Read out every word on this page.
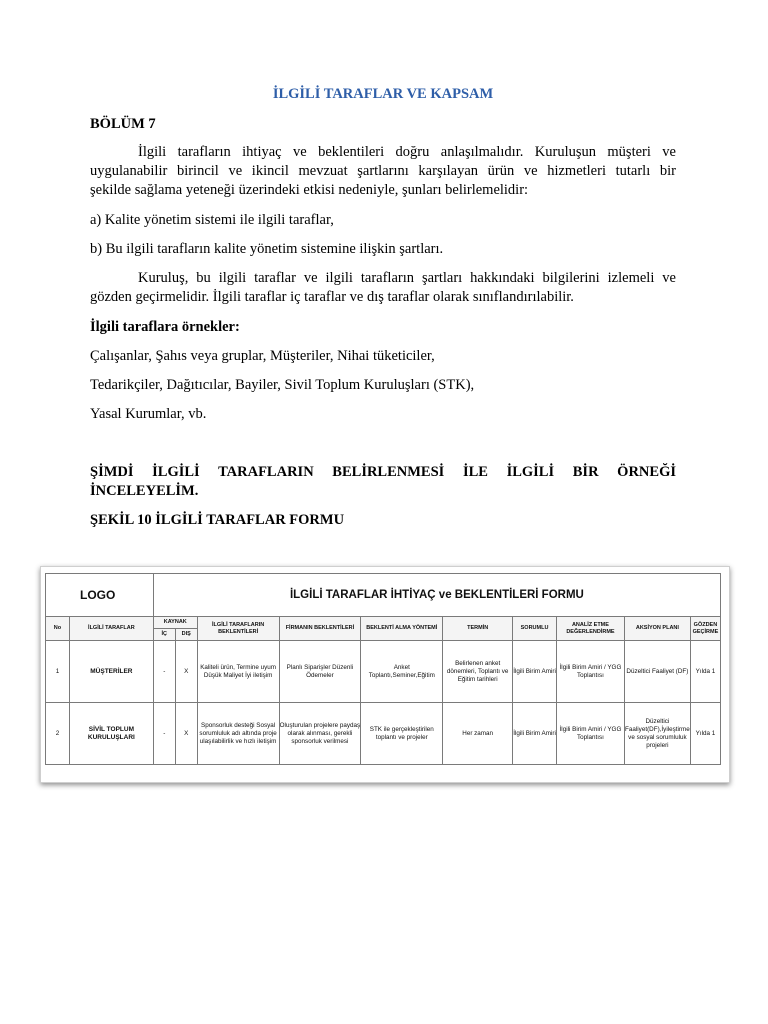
İLGİLİ TARAFLAR VE KAPSAM
BÖLÜM 7
İlgili tarafların ihtiyaç ve beklentileri doğru anlaşılmalıdır. Kuruluşun müşteri ve
uygulanabilir birincil ve ikincil mevzuat şartlarını karşılayan ürün ve hizmetleri tutarlı bir
şekilde sağlama yeteneği üzerindeki etkisi nedeniyle, şunları belirlemelidir:
a) Kalite yönetim sistemi ile ilgili taraflar,
b) Bu ilgili tarafların kalite yönetim sistemine ilişkin şartları.
Kuruluş, bu ilgili taraflar ve ilgili tarafların şartları hakkındaki bilgilerini izlemeli ve
gözden geçirmelidir. İlgili taraflar iç taraflar ve dış taraflar olarak sınıflandırılabilir.
İlgili taraflara örnekler:
Çalışanlar, Şahıs veya gruplar, Müşteriler, Nihai tüketiciler,
Tedarikçiler, Dağıtıcılar, Bayiler, Sivil Toplum Kuruluşları (STK),
Yasal Kurumlar, vb.
ŞİMDİ İLGİLİ TARAFLARIN BELİRLENMESİ İLE İLGİLİ BİR ÖRNEĞİ
İNCELEYELİM.
ŞEKİL 10 İLGİLİ TARAFLAR FORMU
LOGO		İLGİLİ TARAFLAR İHTİYAÇ ve BEKLENTİLERİ FORMU									
No	İLGİLİ TARAFLAR	KAYNAK		İLGİLİ TARAFLARIN BEKLENTİLERİ	FİRMANIN BEKLENTİLERİ	BEKLENTİ ALMA YÖNTEMİ	TERMİN	SORUMLU	ANALİZ ETME DEĞERLENDİRME	AKSİYON PLANI	GÖZDEN GEÇİRME
		İÇ	DIŞ								
1	MÜŞTERİLER	-	X	Kaliteli ürün, Termine uyum Düşük Maliyet İyi iletişim	Planlı Siparişler Düzenli Ödemeler	Anket Toplantı,Seminer,Eğitim	Belirlenen anket dönemleri, Toplantı ve Eğitim tarihleri	İlgili Birim Amiri	İlgili Birim Amiri / YGG Toplantısı	Düzeltici Faaliyet (DF)	Yılda 1
2	SİVİL TOPLUM KURULUŞLARI	-	X	Sponsorluk desteği Sosyal sorumluluk adı altında proje ulaşılabilirlik ve hızlı iletişim	Oluşturulan projelere paydaş olarak alınması, gerekli sponsorluk verilmesi	STK ile gerçekleştirilen toplantı ve projeler	Her zaman	İlgili Birim Amiri	İlgili Birim Amiri / YGG Toplantısı	Düzeltici Faaliyet(DF),İyileştirme ve sosyal sorumluluk projeleri	Yılda 1
